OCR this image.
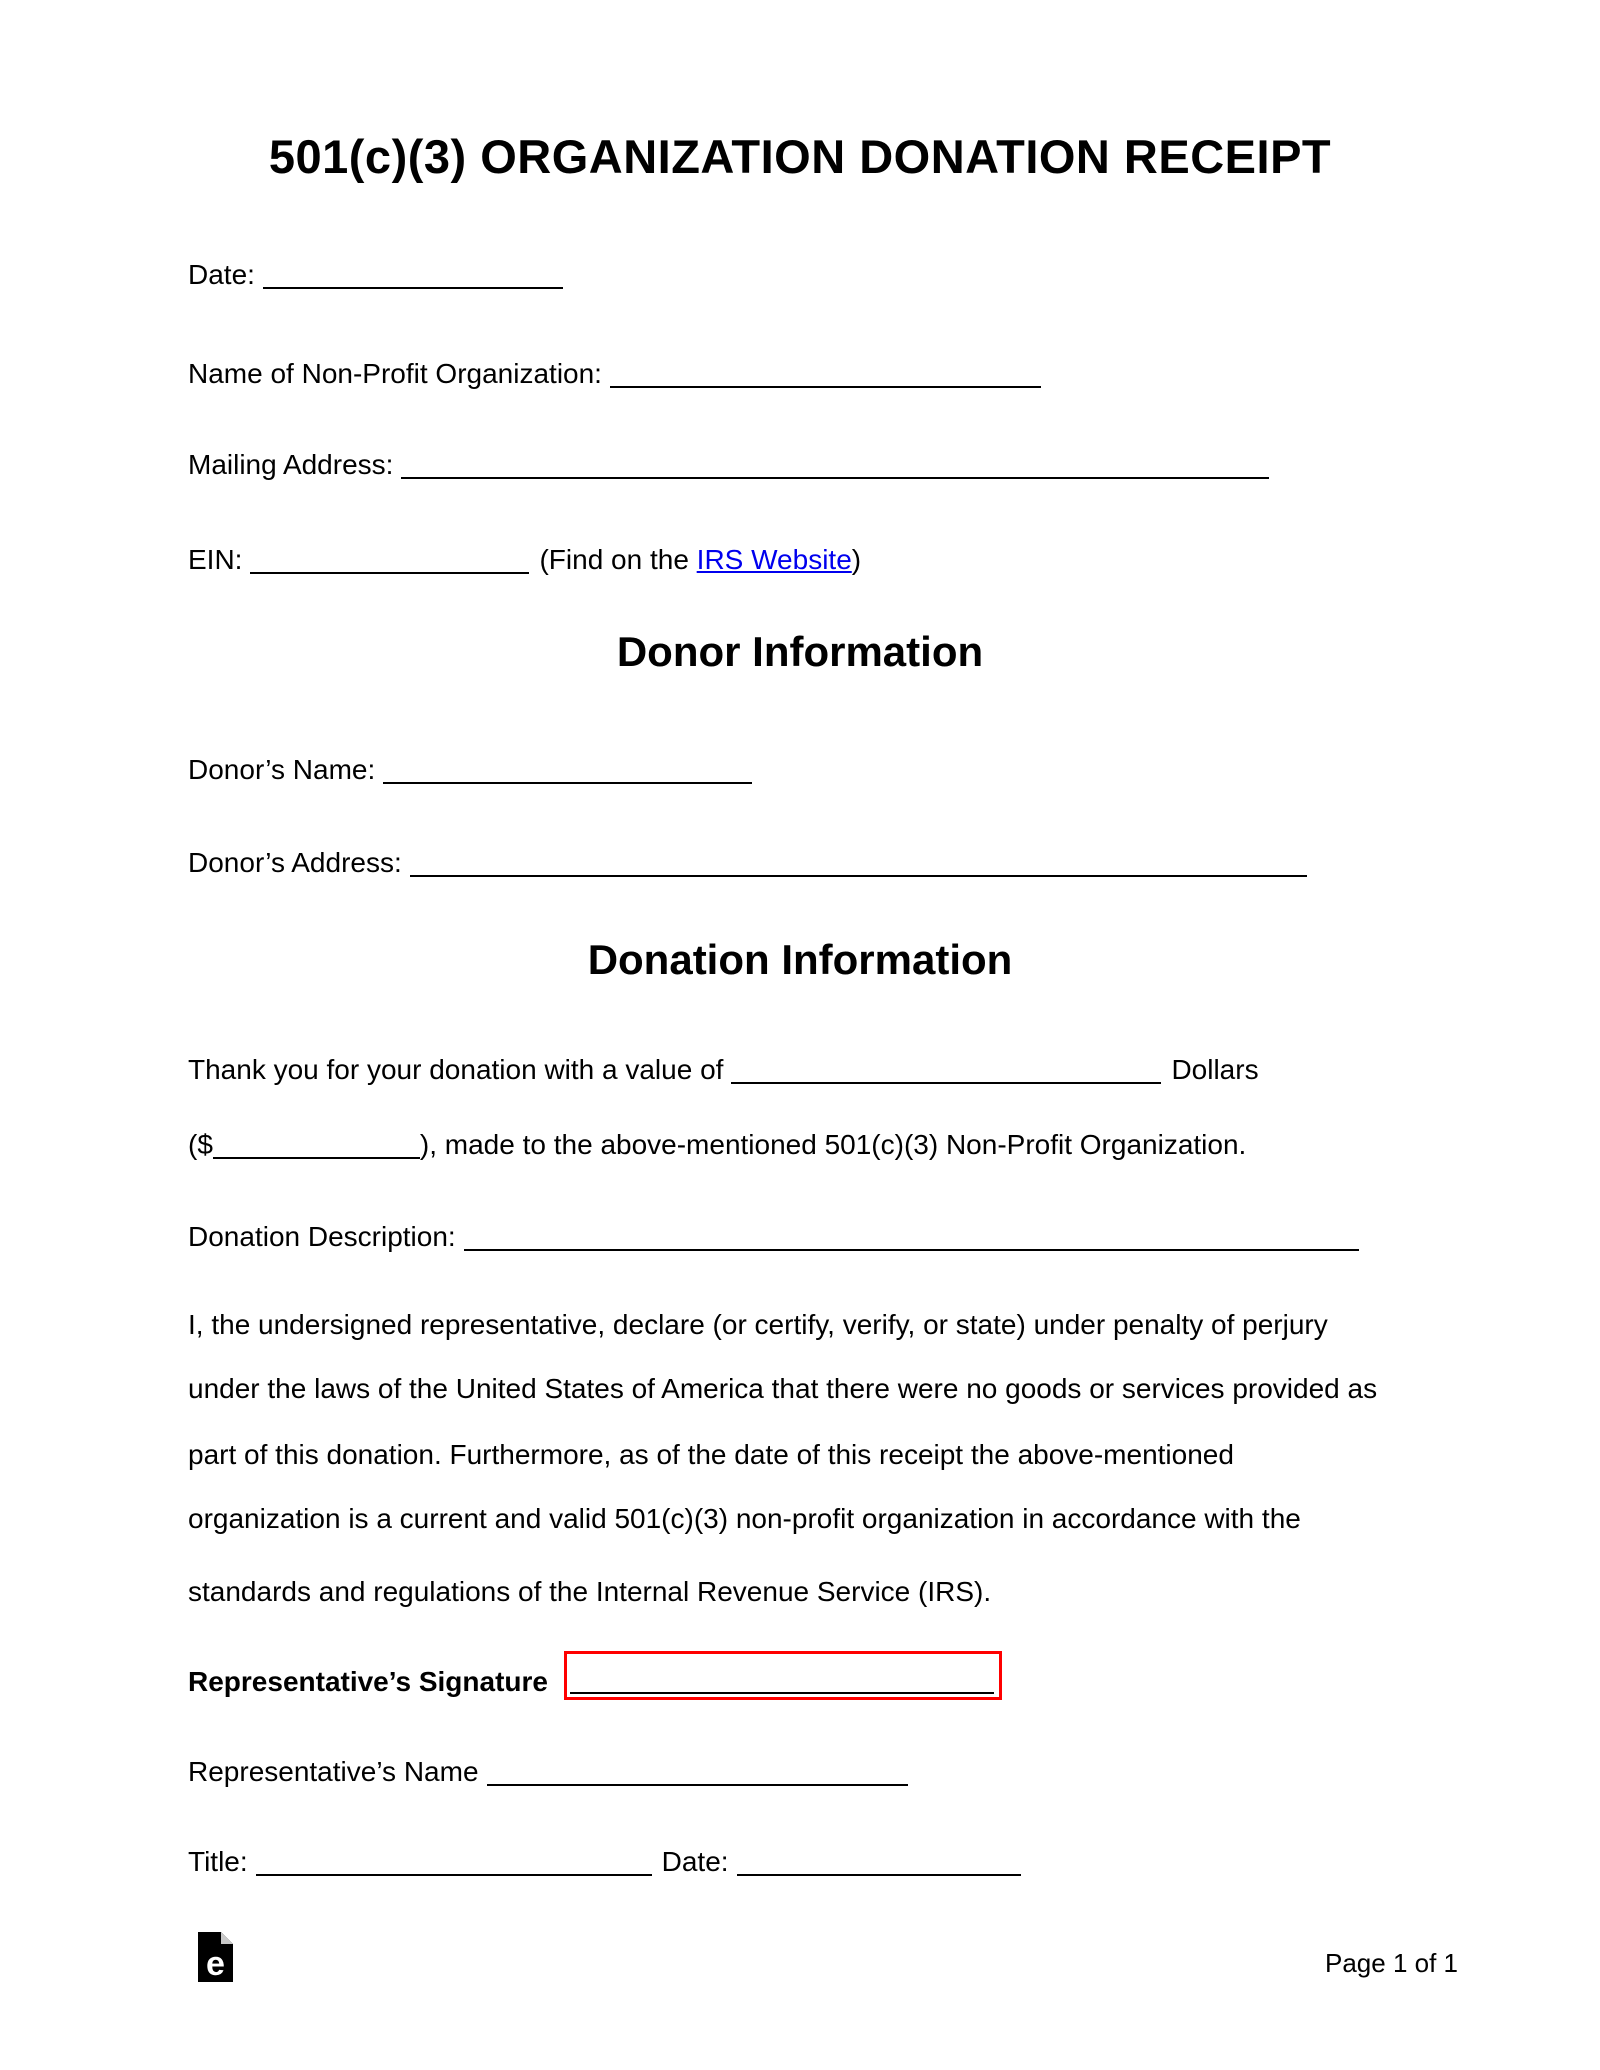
501(c)(3) ORGANIZATION DONATION RECEIPT
Date:
Name of Non-Profit Organization:
Mailing Address:
EIN:	(Find on the IRS Website)
Donor Information
Donor’s Name:
Donor’s Address:
Donation Information
Thank you for your donation with a value of	Dollars
($	), made to the above-mentioned 501(c)(3) Non-Profit Organization.
Donation Description:
I, the undersigned representative, declare (or certify, verify, or state) under penalty of perjury
under the laws of the United States of America that there were no goods or services provided as
part of this donation. Furthermore, as of the date of this receipt the above-mentioned
organization is a current and valid 501(c)(3) non-profit organization in accordance with the
standards and regulations of the Internal Revenue Service (IRS).
Representative’s Signature
Representative’s Name
Title:	Date:
e	Page 1 of 1
